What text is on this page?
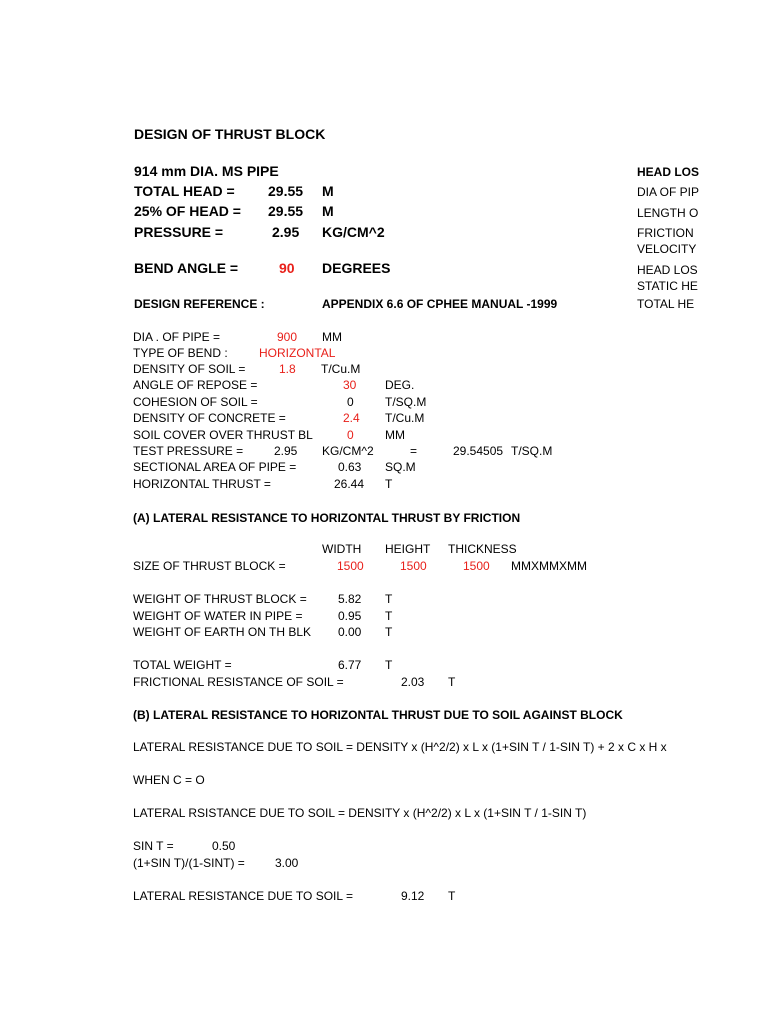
DESIGN OF THRUST BLOCK
914 mm DIA. MS PIPE
TOTAL HEAD = 29.55 M
25% OF HEAD = 29.55 M
PRESSURE =	2.95 KG/CM^2
BEND ANGLE =	90 DEGREES
DESIGN REFERENCE :	APPENDIX 6.6 OF CPHEE MANUAL -1999
HEAD LOS
DIA OF PIP
LENGTH O
FRICTION
VELOCITY
HEAD LOS
STATIC HE
TOTAL HE
DIA . OF PIPE =	900 MM
TYPE OF BEND :	HORIZONTAL
DENSITY OF SOIL =	1.8 T/Cu.M
ANGLE OF REPOSE =	30 DEG.
COHESION OF SOIL =	0	T/SQ.M
DENSITY OF CONCRETE =	2.4 T/Cu.M
SOIL COVER OVER THRUST BL	0	MM
TEST PRESSURE =	2.95 KG/CM^2	=	29.54505 T/SQ.M
SECTIONAL AREA OF PIPE =	0.63 SQ.M
HORIZONTAL THRUST =	26.44 T
(A) LATERAL RESISTANCE TO HORIZONTAL THRUST BY FRICTION
WIDTH HEIGHT THICKNESS
SIZE OF THRUST BLOCK =	1500	1500	1500 MMXMMXMM
WEIGHT OF THRUST BLOCK =	5.82 T
WEIGHT OF WATER IN PIPE =	0.95 T
WEIGHT OF EARTH ON TH BLK 0.00 T
TOTAL WEIGHT =	6.77 T
FRICTIONAL RESISTANCE OF SOIL =	2.03 T
(B) LATERAL RESISTANCE TO HORIZONTAL THRUST DUE TO SOIL AGAINST BLOCK
LATERAL RESISTANCE DUE TO SOIL = DENSITY x (H^2/2) x L x (1+SIN T / 1-SIN T) + 2 x C x H x
WHEN C = O
LATERAL RSISTANCE DUE TO SOIL = DENSITY x (H^2/2) x L x (1+SIN T / 1-SIN T)
SIN T =	0.50
(1+SIN T)/(1-SINT) =	3.00
LATERAL RESISTANCE DUE TO SOIL =	9.12 T
